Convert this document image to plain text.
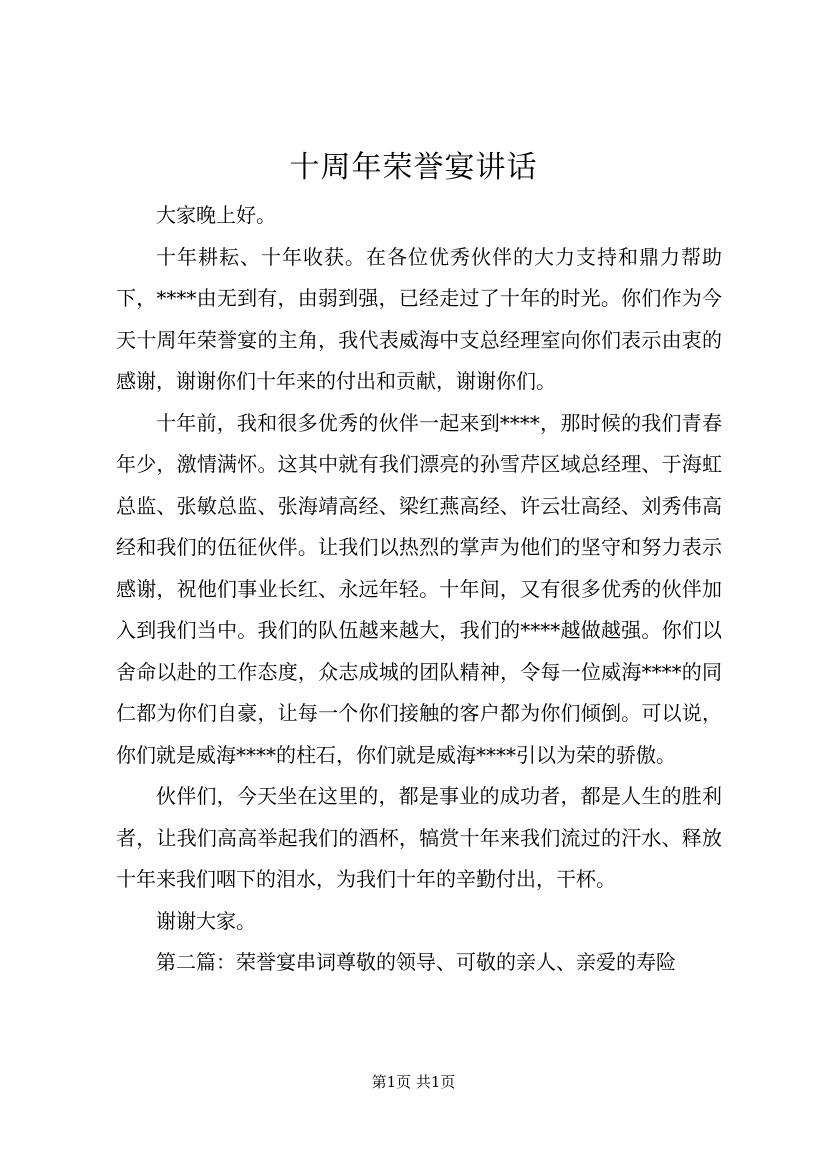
十周年荣誉宴讲话

大家晚上好。

十年耕耘、十年收获。在各位优秀伙伴的大力支持和鼎力帮助下，****由无到有，由弱到强，已经走过了十年的时光。你们作为今天十周年荣誉宴的主角，我代表威海中支总经理室向你们表示由衷的感谢，谢谢你们十年来的付出和贡献，谢谢你们。

十年前，我和很多优秀的伙伴一起来到****，那时候的我们青春年少，激情满怀。这其中就有我们漂亮的孙雪芹区域总经理、于海虹总监、张敏总监、张海靖高经、梁红燕高经、许云壮高经、刘秀伟高经和我们的伍征伙伴。让我们以热烈的掌声为他们的坚守和努力表示感谢，祝他们事业长红、永远年轻。十年间，又有很多优秀的伙伴加入到我们当中。我们的队伍越来越大，我们的****越做越强。你们以舍命以赴的工作态度，众志成城的团队精神，令每一位威海****的同仁都为你们自豪，让每一个你们接触的客户都为你们倾倒。可以说，你们就是威海****的柱石，你们就是威海****引以为荣的骄傲。

伙伴们，今天坐在这里的，都是事业的成功者，都是人生的胜利者，让我们高高举起我们的酒杯，犒赏十年来我们流过的汗水、释放十年来我们咽下的泪水，为我们十年的辛勤付出，干杯。

谢谢大家。

第二篇：荣誉宴串词尊敬的领导、可敬的亲人、亲爱的寿险

第1页 共1页
